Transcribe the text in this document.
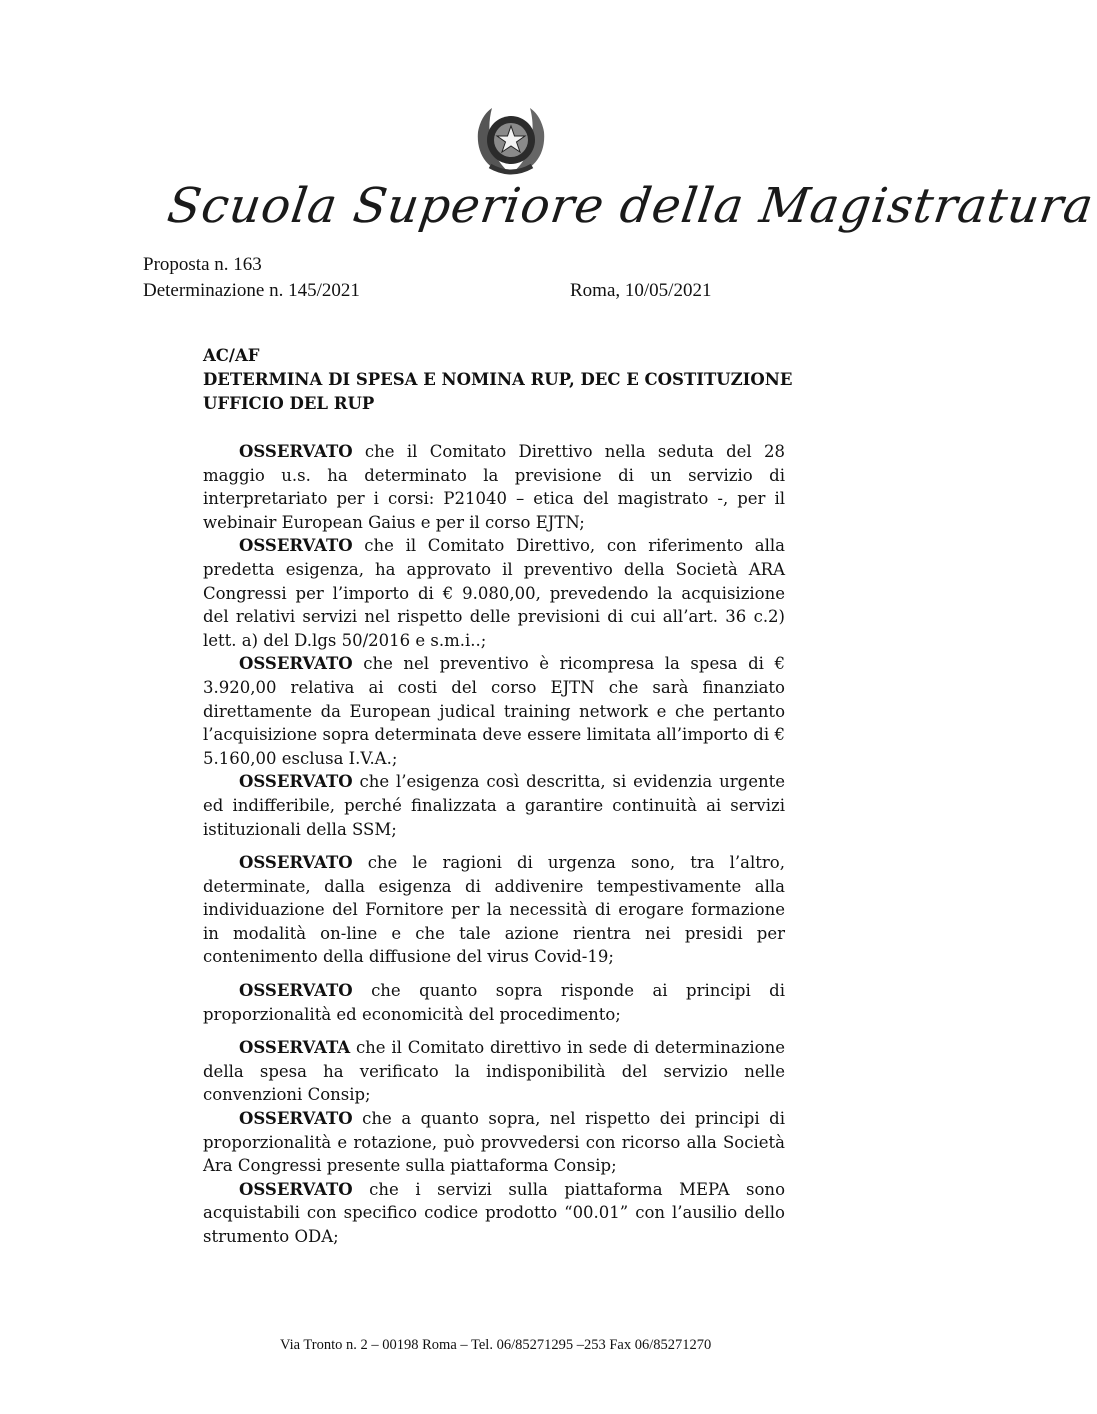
Scuola Superiore della Magistratura
Proposta n. 163
Determinazione n. 145/2021	Roma, 10/05/2021
AC/AF
DETERMINA DI SPESA E NOMINA RUP, DEC E COSTITUZIONE
UFFICIO DEL RUP

OSSERVATO che il Comitato Direttivo nella seduta del 28 maggio u.s. ha determinato la previsione di un servizio di interpretariato per i corsi: P21040 – etica del magistrato -, per il webinair European Gaius e per il corso EJTN;

OSSERVATO che il Comitato Direttivo, con riferimento alla predetta esigenza, ha approvato il preventivo della Società ARA Congressi per l’importo di € 9.080,00, prevedendo la acquisizione del relativi servizi nel rispetto delle previsioni di cui all’art. 36 c.2) lett. a) del D.lgs 50/2016 e s.m.i..;

OSSERVATO che nel preventivo è ricompresa la spesa di € 3.920,00 relativa ai costi del corso EJTN che sarà finanziato direttamente da European judical training network e che pertanto l’acquisizione sopra determinata deve essere limitata all’importo di € 5.160,00 esclusa I.V.A.;

OSSERVATO che l’esigenza così descritta, si evidenzia urgente ed indifferibile, perché finalizzata a garantire continuità ai servizi istituzionali della SSM;

OSSERVATO che le ragioni di urgenza sono, tra l’altro, determinate, dalla esigenza di addivenire tempestivamente alla individuazione del Fornitore per la necessità di erogare formazione in modalità on-line e che tale azione rientra nei presidi per contenimento della diffusione del virus Covid-19;

OSSERVATO che quanto sopra risponde ai principi di proporzionalità ed economicità del procedimento;

OSSERVATA che il Comitato direttivo in sede di determinazione della spesa ha verificato la indisponibilità del servizio nelle convenzioni Consip;

OSSERVATO che a quanto sopra, nel rispetto dei principi di proporzionalità e rotazione, può provvedersi con ricorso alla Società Ara Congressi presente sulla piattaforma Consip;

OSSERVATO che i servizi sulla piattaforma MEPA sono acquistabili con specifico codice prodotto “00.01” con l’ausilio dello strumento ODA;

Via Tronto n. 2 – 00198 Roma – Tel. 06/85271295 –253 Fax 06/85271270
